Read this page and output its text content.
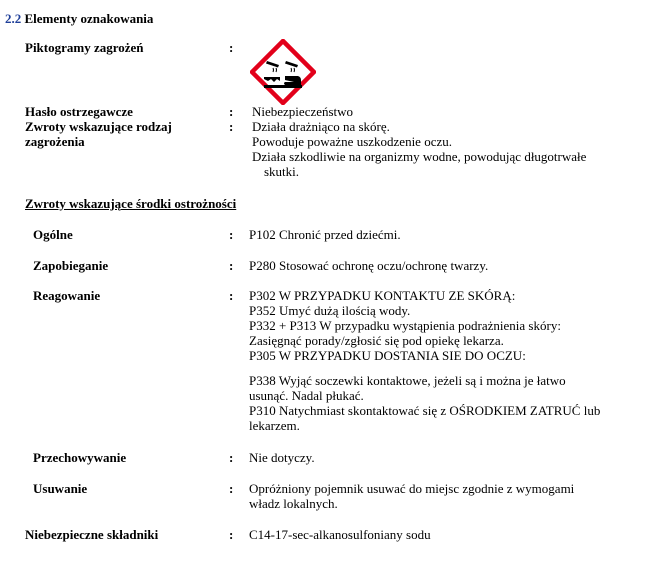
2.2 Elementy oznakowania
Piktogramy zagrożeń	:
Hasło ostrzegawcze	: Niebezpieczeństwo
Zwroty wskazujące rodzaj
zagrożenia
: Działa drażniąco na skórę.
Powoduje poważne uszkodzenie oczu.
Działa szkodliwie na organizmy wodne, powodując długotrwałe
skutki.
Zwroty wskazujące środki ostrożności
Ogólne	: P102 Chronić przed dziećmi.
Zapobieganie	: P280 Stosować ochronę oczu/ochronę twarzy.
Reagowanie	: P302 W PRZYPADKU KONTAKTU ZE SKÓRĄ:
P352 Umyć dużą ilością wody.
P332 + P313 W przypadku wystąpienia podrażnienia skóry:
Zasięgnąć porady/zgłosić się pod opiekę lekarza.
P305 W PRZYPADKU DOSTANIA SIE DO OCZU:
P338 Wyjąć soczewki kontaktowe, jeżeli są i można je łatwo
usunąć. Nadal płukać.
P310 Natychmiast skontaktować się z OŚRODKIEM ZATRUĆ lub
lekarzem.
Przechowywanie	: Nie dotyczy.
Usuwanie	: Opróżniony pojemnik usuwać do miejsc zgodnie z wymogami
władz lokalnych.
Niebezpieczne składniki	: C14-17-sec-alkanosulfoniany sodu
